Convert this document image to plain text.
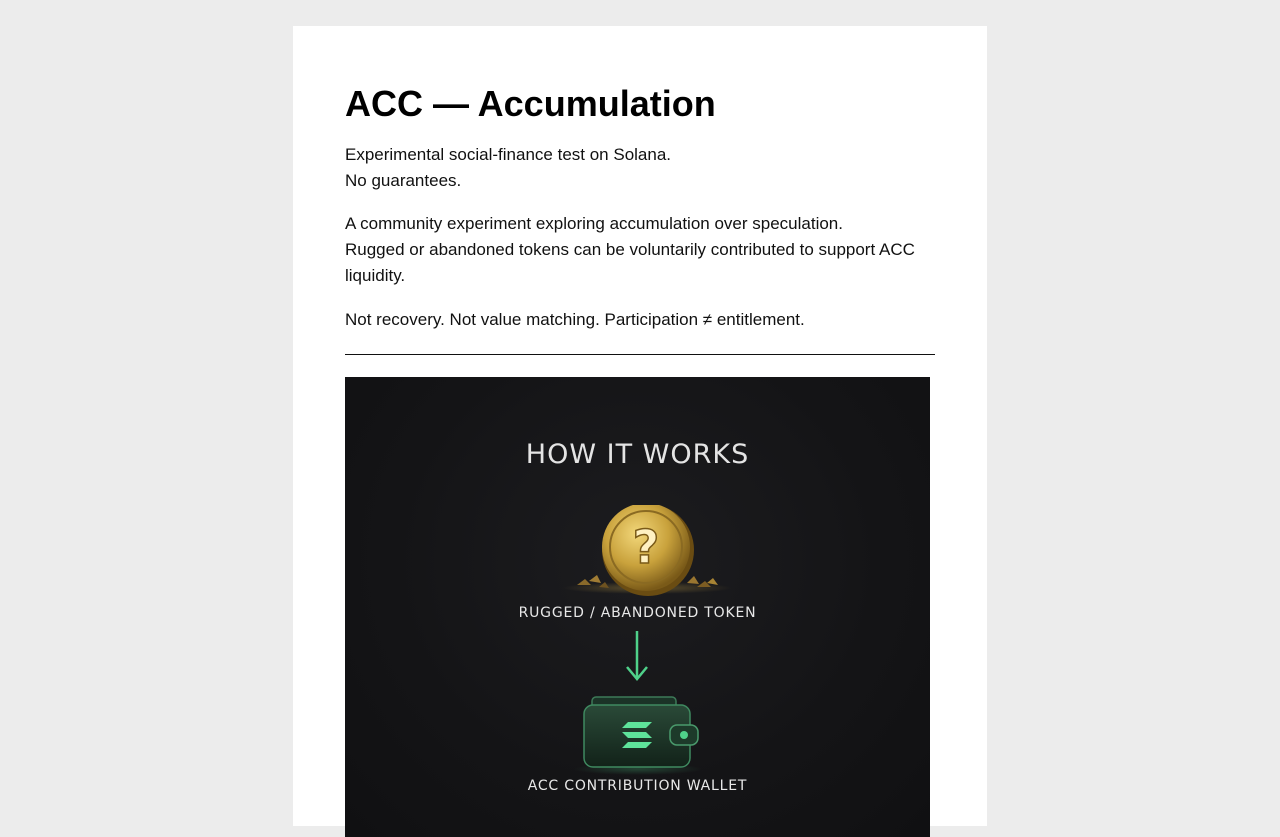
ACC — Accumulation
Experimental social-finance test on Solana.
No guarantees.
A community experiment exploring accumulation over speculation.
Rugged or abandoned tokens can be voluntarily contributed to support ACC liquidity.
Not recovery. Not value matching. Participation ≠ entitlement.
HOW IT WORKS
?
RUGGED / ABANDONED TOKEN
ACC CONTRIBUTION WALLET
